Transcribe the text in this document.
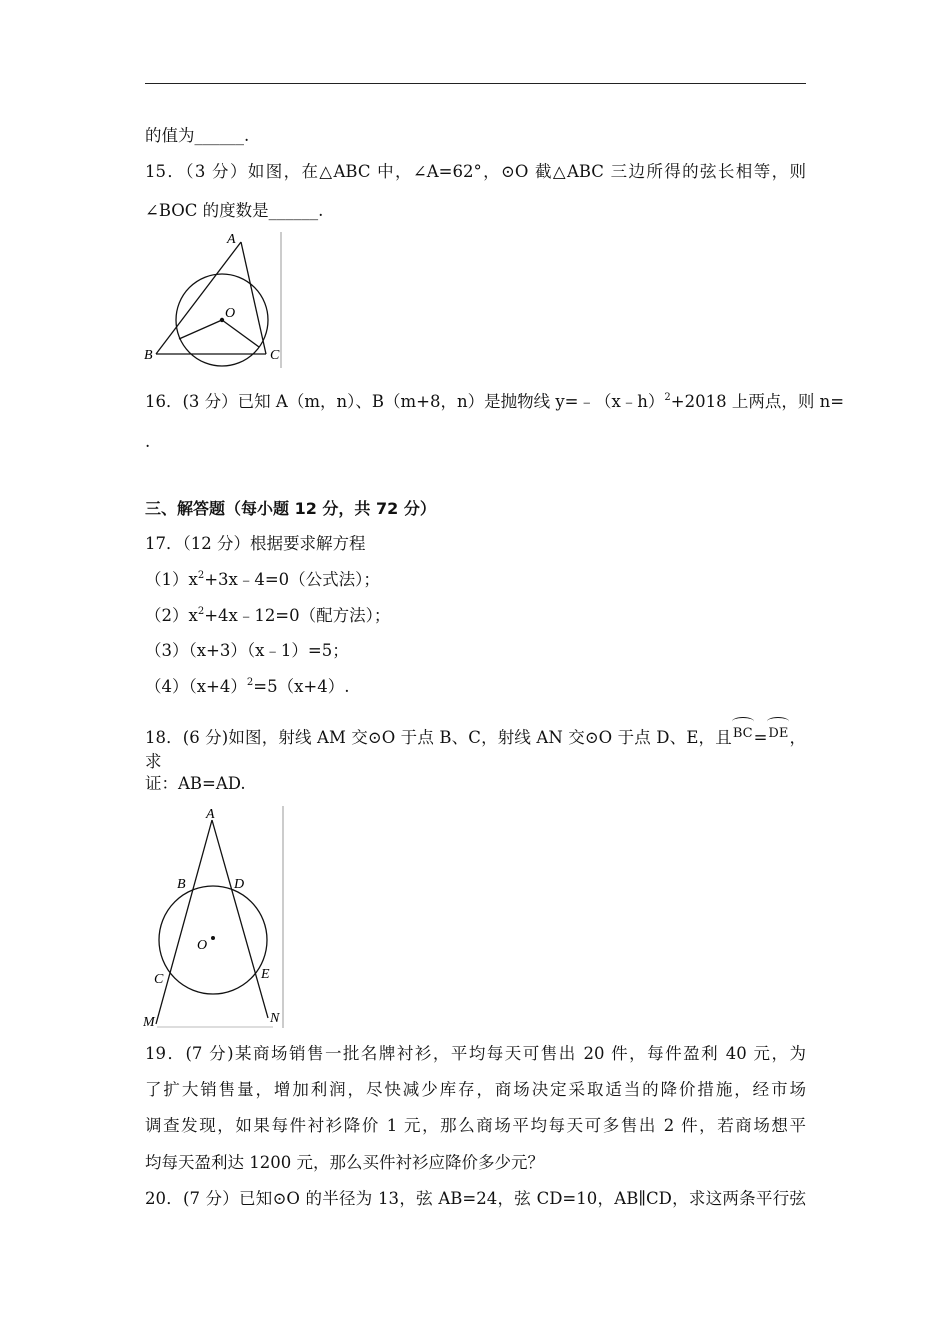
的值为______.
15．（3 分）如图，在△ABC 中，∠A=62°，⊙O 截△ABC 三边所得的弦长相等，则
∠BOC 的度数是______.
A
B	C
O
16．(3 分）已知 A（m，n）、B（m+8，n）是抛物线 y=﹣（x﹣h）$^2$+2018 上两点，则 n=
.
三、解答题（每小题 12 分，共 72 分）
17．（12 分）根据要求解方程
$(1)x^2+3x﹣4=0$（公式法）；
$(2)x^2+4x﹣12=0$（配方法）；
（3）（x+3）（x﹣1）=5；
$(4)(x+4)^2=5(x+4)$.
18．(6 分)如图，射线 AM 交⊙O 于点 B、C，射线 AN 交⊙O 于点 D、E，且BC=DE，求
证：AB=AD.
A
B	D
O
C	E
M	N
19．(7 分)某商场销售一批名牌衬衫，平均每天可售出 20 件，每件盈利 40 元，为
了扩大销售量，增加利润，尽快减少库存，商场决定采取适当的降价措施，经市场
调查发现，如果每件衬衫降价 1 元，那么商场平均每天可多售出 2 件，若商场想平
均每天盈利达 1200 元，那么买件衬衫应降价多少元？
20．(7 分）已知⊙O 的半径为 13，弦 AB=24，弦 CD=10，AB∥CD，求这两条平行弦
